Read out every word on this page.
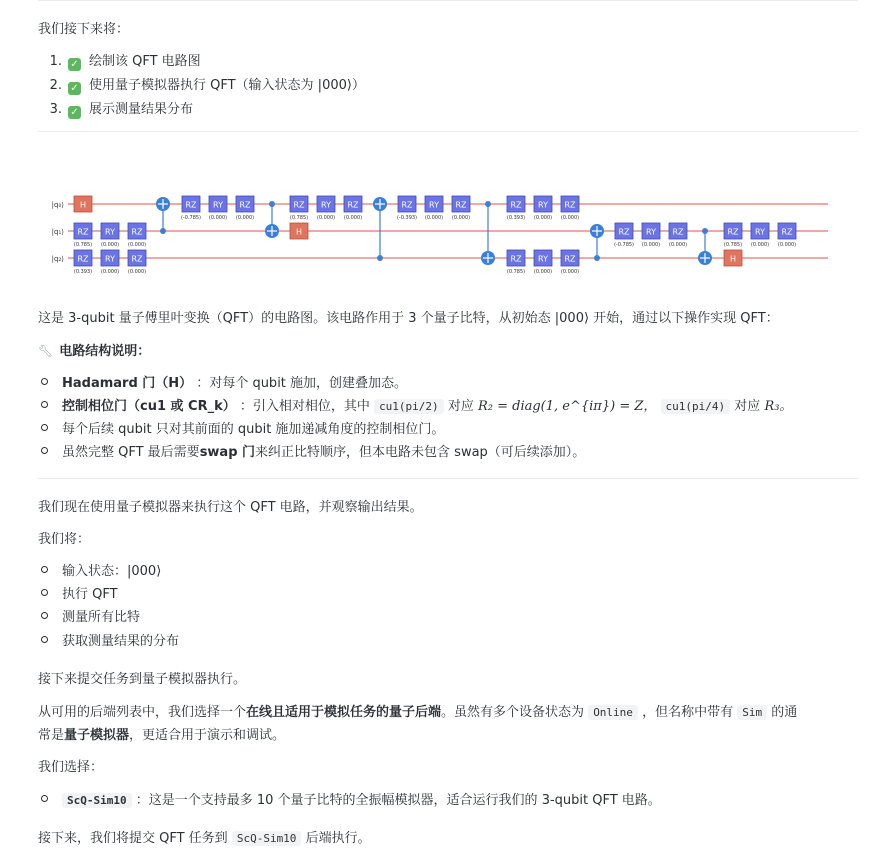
我们接下来将：
1. ✓ 绘制该 QFT 电路图
2. ✓ 使用量子模拟器执行 QFT（输入状态为 |000⟩）
3. ✓ 展示测量结果分布
|q₀⟩
|q₁⟩
|q₂⟩
H
RZ
(0.785)
RY
(0.000)
RZ
(0.000)
RZ
(0.393)
RY
(0.000)
RZ
(0.000)
RZ
(-0.785)
RY
(0.000)
RZ
(0.000)
RZ
(0.785)
RY
(0.000)
RZ
(0.000)
H
RZ
(-0.393)
RY
(0.000)
RZ
(0.000)
RZ
(0.393)
RY
(0.000)
RZ
(0.000)
RZ
(0.785)
RY
(0.000)
RZ
(0.000)
RZ
(-0.785)
RY
(0.000)
RZ
(0.000)
RZ
(0.785)
RY
(0.000)
RZ
(0.000)
H
这是 3-qubit 量子傅里叶变换（QFT）的电路图。该电路作用于 3 个量子比特，从初始态 |000⟩ 开始，通过以下操作实现 QFT：
🔧︎ 电路结构说明：
Hadamard 门（H） ：对每个 qubit 施加，创建叠加态。
控制相位门（cu1 或 CR_k） ：引入相对相位，其中 cu1(pi/2) 对应 R₂ = diag(1, e^{iπ}) = Z， cu1(pi/4) 对应 R₃。
每个后续 qubit 只对其前面的 qubit 施加递减角度的控制相位门。
虽然完整 QFT 最后需要swap 门来纠正比特顺序，但本电路未包含 swap（可后续添加）。
我们现在使用量子模拟器来执行这个 QFT 电路，并观察输出结果。
我们将：
输入状态：|000⟩
执行 QFT
测量所有比特
获取测量结果的分布
接下来提交任务到量子模拟器执行。
从可用的后端列表中，我们选择一个在线且适用于模拟任务的量子后端。虽然有多个设备状态为 Online ，但名称中带有 Sim 的通
常是量子模拟器，更适合用于演示和调试。
我们选择：
ScQ-Sim10 ：这是一个支持最多 10 个量子比特的全振幅模拟器，适合运行我们的 3-qubit QFT 电路。
接下来，我们将提交 QFT 任务到 ScQ-Sim10 后端执行。
